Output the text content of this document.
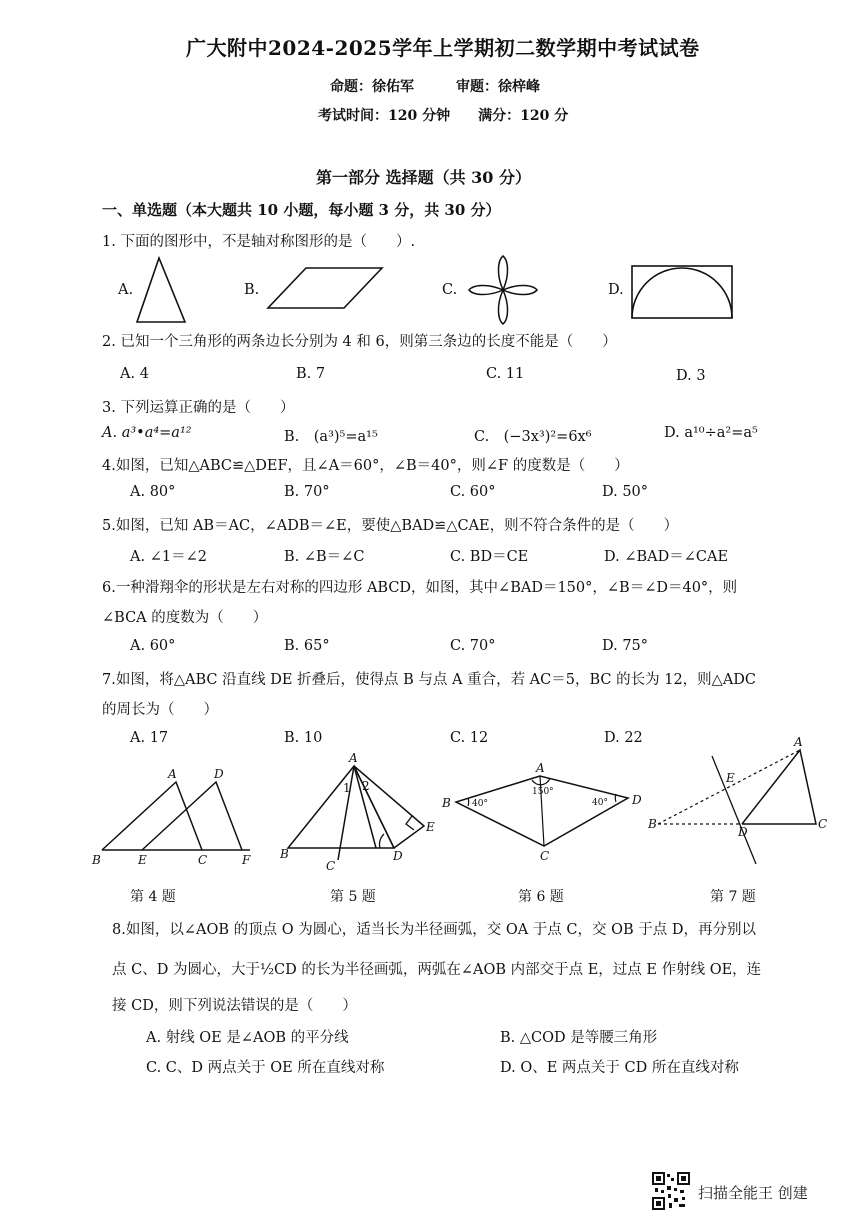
广大附中2024-2025学年上学期初二数学期中考试试卷
命题：徐佑军　　　审题：徐梓峰
考试时间：120 分钟　　满分：120 分
第一部分 选择题（共 30 分）
一、单选题（本大题共 10 小题，每小题 3 分，共 30 分）
1. 下面的图形中，不是轴对称图形的是（　　）.
A.	B.	C.	D.
2. 已知一个三角形的两条边长分别为 4 和 6，则第三条边的长度不能是（　　）
A. 4	B. 7	C. 11	D. 3
3. 下列运算正确的是（　　）
A. a³•a⁴=a¹²	B.　(a³)⁵=a¹⁵	C.　(−3x³)²=6x⁶	D. a¹⁰÷a²=a⁵
4.如图，已知△ABC≌△DEF，且∠A＝60°，∠B＝40°，则∠F 的度数是（　　）
A. 80°	B. 70°	C. 60°	D. 50°
5.如图，已知 AB＝AC，∠ADB＝∠E，要使△BAD≌△CAE，则不符合条件的是（　　）
A. ∠1＝∠2	B. ∠B＝∠C	C. BD＝CE	D. ∠BAD＝∠CAE
6.一种滑翔伞的形状是左右对称的四边形 ABCD，如图，其中∠BAD＝150°，∠B＝∠D＝40°，则
∠BCA 的度数为（　　）
A. 60°	B. 65°	C. 70°	D. 75°
7.如图，将△ABC 沿直线 DE 折叠后，使得点 B 与点 A 重合，若 AC＝5，BC 的长为 12，则△ADC
的周长为（　　）
A. 17	B. 10	C. 12	D. 22
A	D
B	E	C	F
第 4 题
A
1 2
B
C
D
E
第 5 题
A
150°
B 40°	D
40°
C
第 6 题
A
E
B
D
C
第 7 题
8.如图，以∠AOB 的顶点 O 为圆心，适当长为半径画弧，交 OA 于点 C，交 OB 于点 D，再分别以
点 C、D 为圆心，大于½CD 的长为半径画弧，两弧在∠AOB 内部交于点 E，过点 E 作射线 OE，连
接 CD，则下列说法错误的是（　　）
A. 射线 OE 是∠AOB 的平分线	B. △COD 是等腰三角形
C. C、D 两点关于 OE 所在直线对称	D. O、E 两点关于 CD 所在直线对称
扫描全能王 创建
